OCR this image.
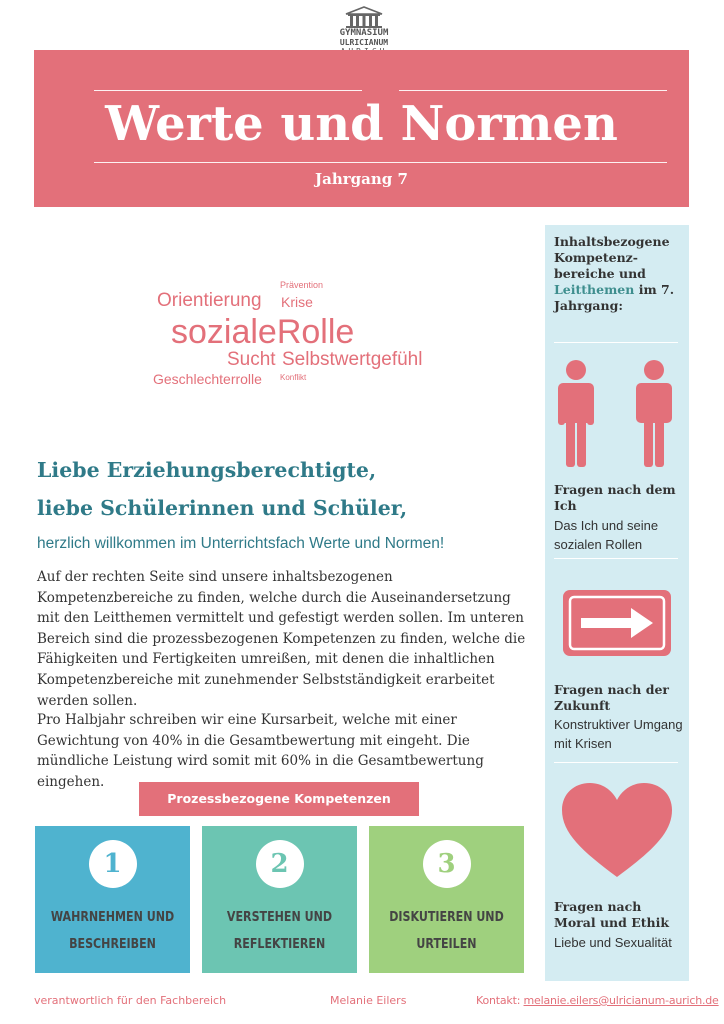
GYMNASIUM
ULRICIANUM
Werte und Normen
Jahrgang 7
Prävention
Orientierung Krise
sozialeRolle
Sucht Selbstwertgefühl
Geschlechterrolle Konflikt
Liebe Erziehungsberechtigte,
liebe Schülerinnen und Schüler,
herzlich willkommen im Unterrichtsfach Werte und Normen!
Auf der rechten Seite sind unsere inhaltsbezogenen Kompetenzbereiche zu finden, welche durch die Auseinandersetzung mit den Leitthemen vermittelt und gefestigt werden sollen. Im unteren Bereich sind die prozessbezogenen Kompetenzen zu finden, welche die Fähigkeiten und Fertigkeiten umreißen, mit denen die inhaltlichen Kompetenzbereiche mit zunehmender Selbstständigkeit erarbeitet werden sollen.
Pro Halbjahr schreiben wir eine Kursarbeit, welche mit einer Gewichtung von 40% in die Gesamtbewertung mit eingeht. Die mündliche Leistung wird somit mit 60% in die Gesamtbewertung eingehen.
Prozessbezogene Kompetenzen
1
WAHRNEHMEN UND
BESCHREIBEN
2
VERSTEHEN UND
REFLEKTIEREN
3
DISKUTIEREN UND
URTEILEN
Inhaltsbezogene Kompetenz-bereiche und Leitthemen im 7. Jahrgang:
Fragen nach dem Ich
Das Ich und seine sozialen Rollen
Fragen nach der Zukunft
Konstruktiver Umgang mit Krisen
Fragen nach Moral und Ethik
Liebe und Sexualität
verantwortlich für den Fachbereich	Melanie Eilers	Kontakt: melanie.eilers@ulricianum-aurich.de
